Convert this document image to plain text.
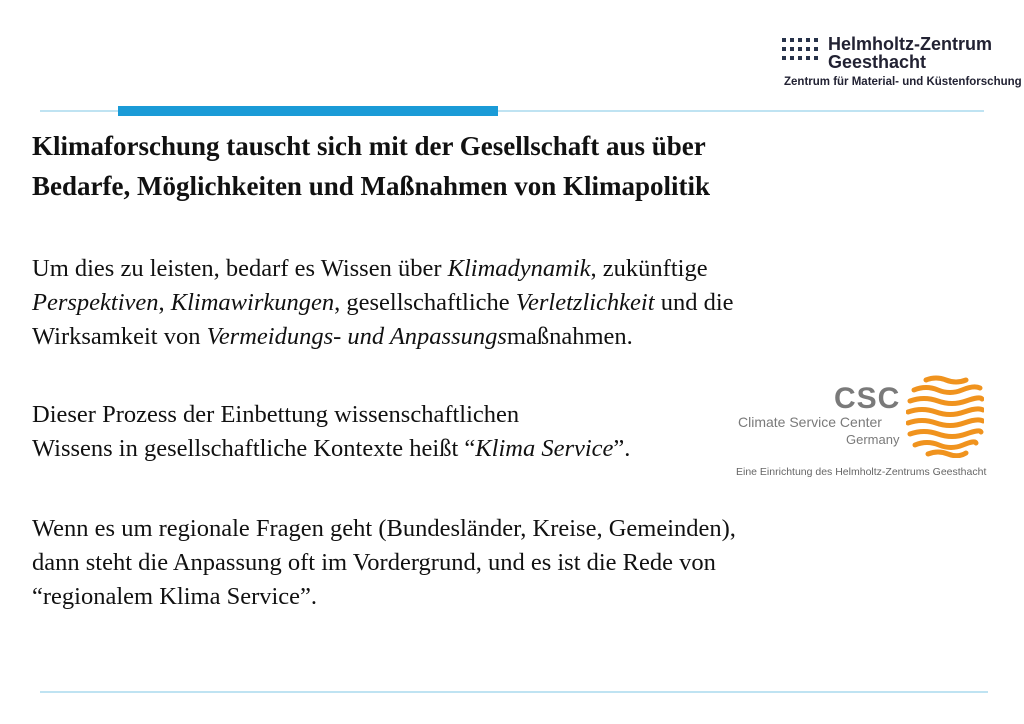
Helmholtz-Zentrum
Geesthacht
Zentrum für Material- und Küstenforschung
Klimaforschung tauscht sich mit der Gesellschaft aus über
Bedarfe, Möglichkeiten und Maßnahmen von Klimapolitik

Um dies zu leisten, bedarf es Wissen über Klimadynamik, zukünftige
Perspektiven, Klimawirkungen, gesellschaftliche Verletzlichkeit und die
Wirksamkeit von Vermeidungs- und Anpassungsmaßnahmen.

Dieser Prozess der Einbettung wissenschaftlichen
Wissens in gesellschaftliche Kontexte heißt “Klima Service”.

Wenn es um regionale Fragen geht (Bundesländer, Kreise, Gemeinden),
dann steht die Anpassung oft im Vordergrund, und es ist die Rede von
“regionalem Klima Service”.

CSC
Climate Service Center
Germany
Eine Einrichtung des Helmholtz-Zentrums Geesthacht
